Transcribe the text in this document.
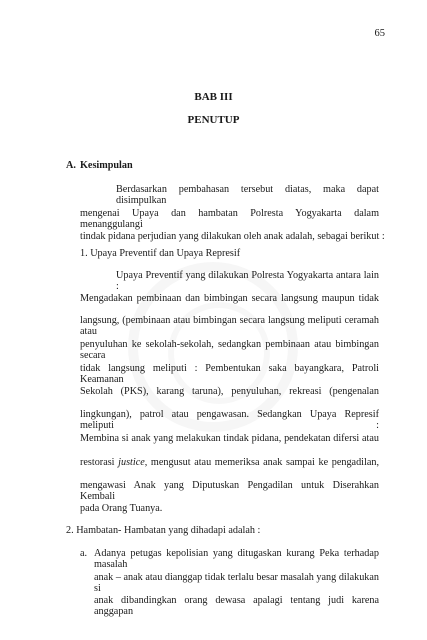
65
BAB III
PENUTUP
A. Kesimpulan
Berdasarkan pembahasan tersebut diatas, maka dapat disimpulkan
mengenai Upaya dan hambatan Polresta Yogyakarta dalam menanggulangi
tindak pidana perjudian yang dilakukan oleh anak adalah, sebagai berikut :
1. Upaya Preventif dan Upaya Represif
Upaya Preventif yang dilakukan Polresta Yogyakarta antara lain :
Mengadakan pembinaan dan bimbingan secara langsung maupun tidak
langsung, (pembinaan atau bimbingan secara langsung meliputi ceramah atau
penyuluhan ke sekolah-sekolah, sedangkan pembinaan atau bimbingan secara
tidak langsung meliputi : Pembentukan saka bayangkara, Patroli Keamanan
Sekolah (PKS), karang taruna), penyuluhan, rekreasi (pengenalan
lingkungan), patrol atau pengawasan. Sedangkan Upaya Represif meliputi :
Membina si anak yang melakukan tindak pidana, pendekatan difersi atau
restorasi justice, mengusut atau memeriksa anak sampai ke pengadilan,
mengawasi Anak yang Diputuskan Pengadilan untuk Diserahkan Kembali
pada Orang Tuanya.
2. Hambatan- Hambatan yang dihadapi adalah :
a. Adanya petugas kepolisian yang ditugaskan kurang Peka terhadap masalah
anak – anak atau dianggap tidak terlalu besar masalah yang dilakukan si
anak dibandingkan orang dewasa apalagi tentang judi karena anggapan
